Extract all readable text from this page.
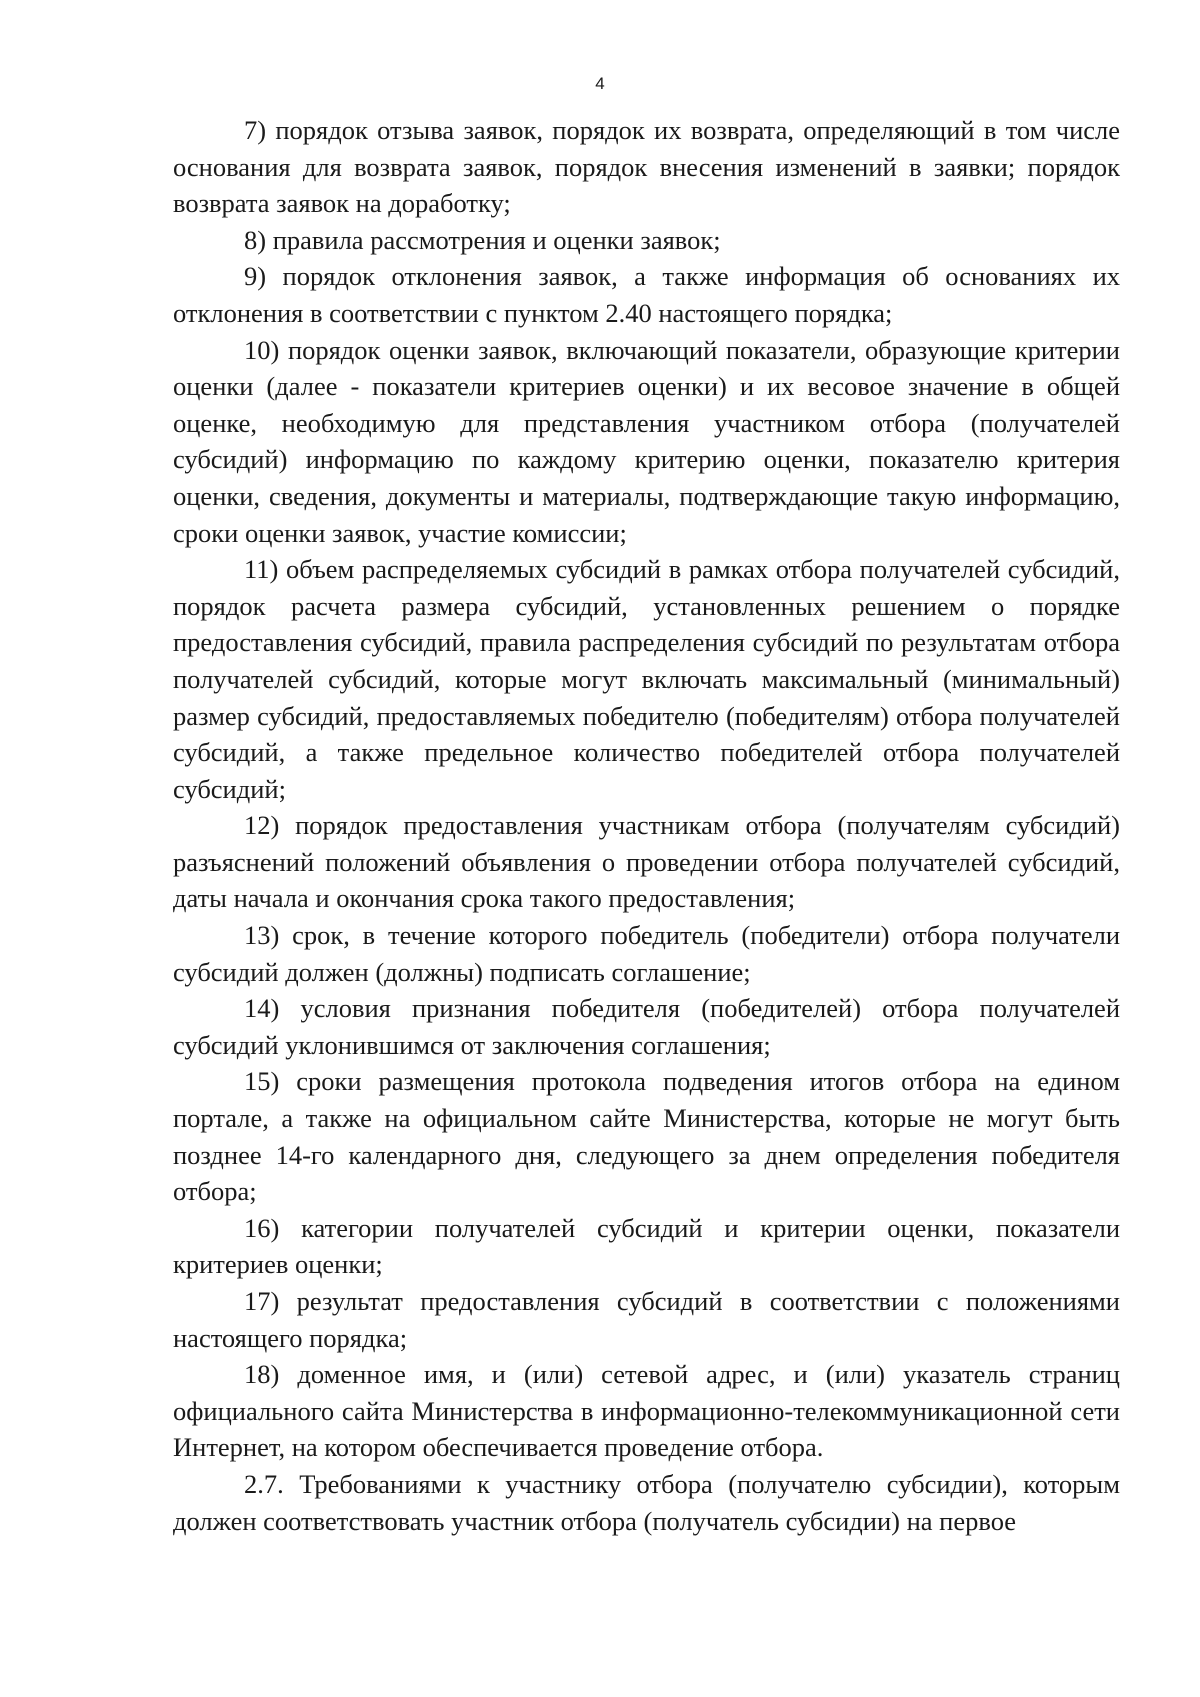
4

7) порядок отзыва заявок, порядок их возврата, определяющий в том числе основания для возврата заявок, порядок внесения изменений в заявки; порядок возврата заявок на доработку;

8) правила рассмотрения и оценки заявок;

9) порядок отклонения заявок, а также информация об основаниях их отклонения в соответствии с пунктом 2.40 настоящего порядка;

10) порядок оценки заявок, включающий показатели, образующие критерии оценки (далее - показатели критериев оценки) и их весовое значение в общей оценке, необходимую для представления участником отбора (получателей субсидий) информацию по каждому критерию оценки, показателю критерия оценки, сведения, документы и материалы, подтверждающие такую информацию, сроки оценки заявок, участие комиссии;

11) объем распределяемых субсидий в рамках отбора получателей субсидий, порядок расчета размера субсидий, установленных решением о порядке предоставления субсидий, правила распределения субсидий по результатам отбора получателей субсидий, которые могут включать максимальный (минимальный) размер субсидий, предоставляемых победителю (победителям) отбора получателей субсидий, а также предельное количество победителей отбора получателей субсидий;

12) порядок предоставления участникам отбора (получателям субсидий) разъяснений положений объявления о проведении отбора получателей субсидий, даты начала и окончания срока такого предоставления;

13) срок, в течение которого победитель (победители) отбора получатели субсидий должен (должны) подписать соглашение;

14) условия признания победителя (победителей) отбора получателей субсидий уклонившимся от заключения соглашения;

15) сроки размещения протокола подведения итогов отбора на едином портале, а также на официальном сайте Министерства, которые не могут быть позднее 14-го календарного дня, следующего за днем определения победителя отбора;

16) категории получателей субсидий и критерии оценки, показатели критериев оценки;

17) результат предоставления субсидий в соответствии с положениями настоящего порядка;

18) доменное имя, и (или) сетевой адрес, и (или) указатель страниц официального сайта Министерства в информационно-телекоммуникационной сети Интернет, на котором обеспечивается проведение отбора.

2.7. Требованиями к участнику отбора (получателю субсидии), которым должен соответствовать участник отбора (получатель субсидии) на первое
